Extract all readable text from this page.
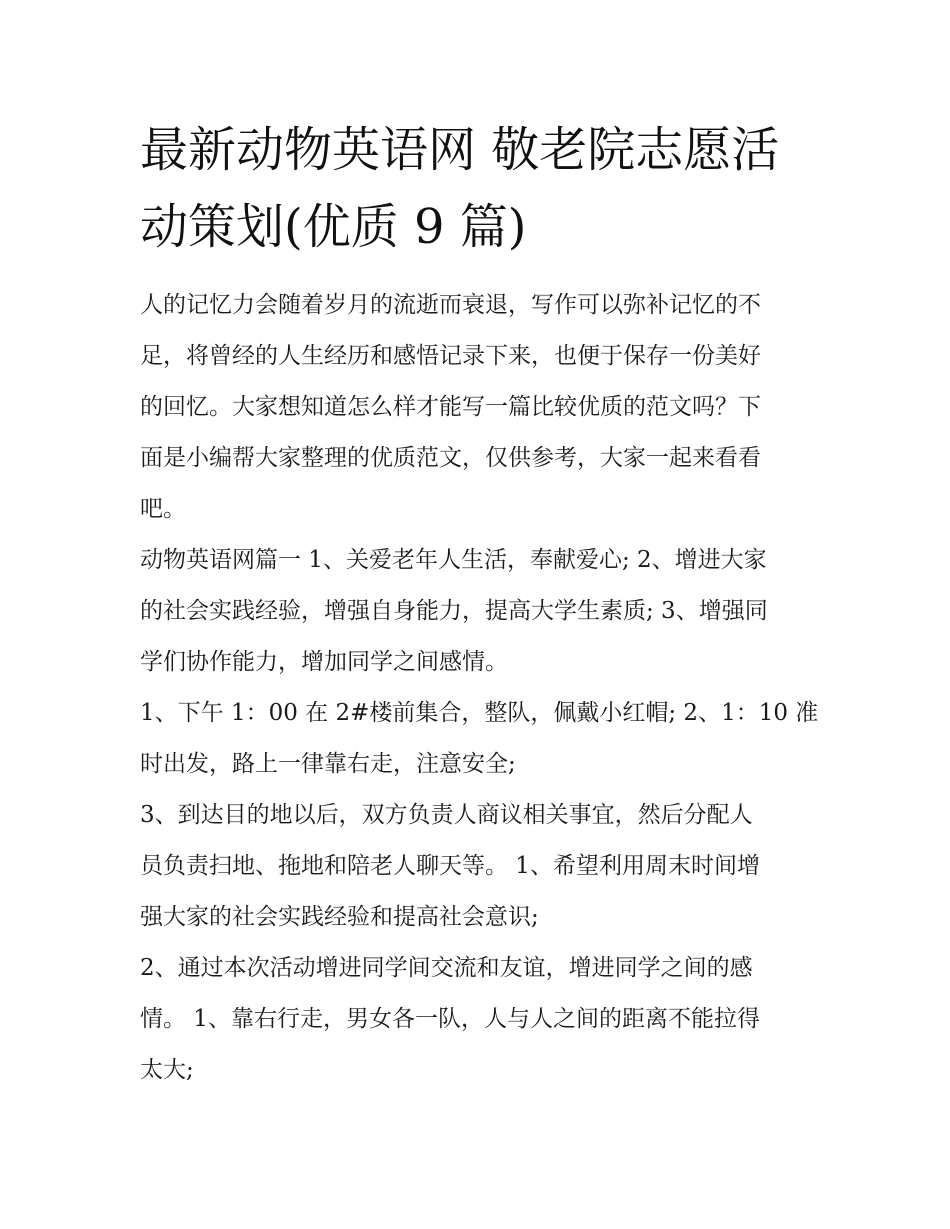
最新动物英语网 敬老院志愿活
动策划(优质 9 篇)
人的记忆力会随着岁月的流逝而衰退，写作可以弥补记忆的不
足，将曾经的人生经历和感悟记录下来，也便于保存一份美好
的回忆。大家想知道怎么样才能写一篇比较优质的范文吗？下
面是小编帮大家整理的优质范文，仅供参考，大家一起来看看
吧。
动物英语网篇一 1、关爱老年人生活，奉献爱心; 2、增进大家
的社会实践经验，增强自身能力，提高大学生素质; 3、增强同
学们协作能力，增加同学之间感情。
1、下午 1：00 在 2#楼前集合，整队，佩戴小红帽; 2、1：10 准
时出发，路上一律靠右走，注意安全;
3、到达目的地以后，双方负责人商议相关事宜，然后分配人
员负责扫地、拖地和陪老人聊天等。 1、希望利用周末时间增
强大家的社会实践经验和提高社会意识;
2、通过本次活动增进同学间交流和友谊，增进同学之间的感
情。 1、靠右行走，男女各一队，人与人之间的距离不能拉得
太大;
